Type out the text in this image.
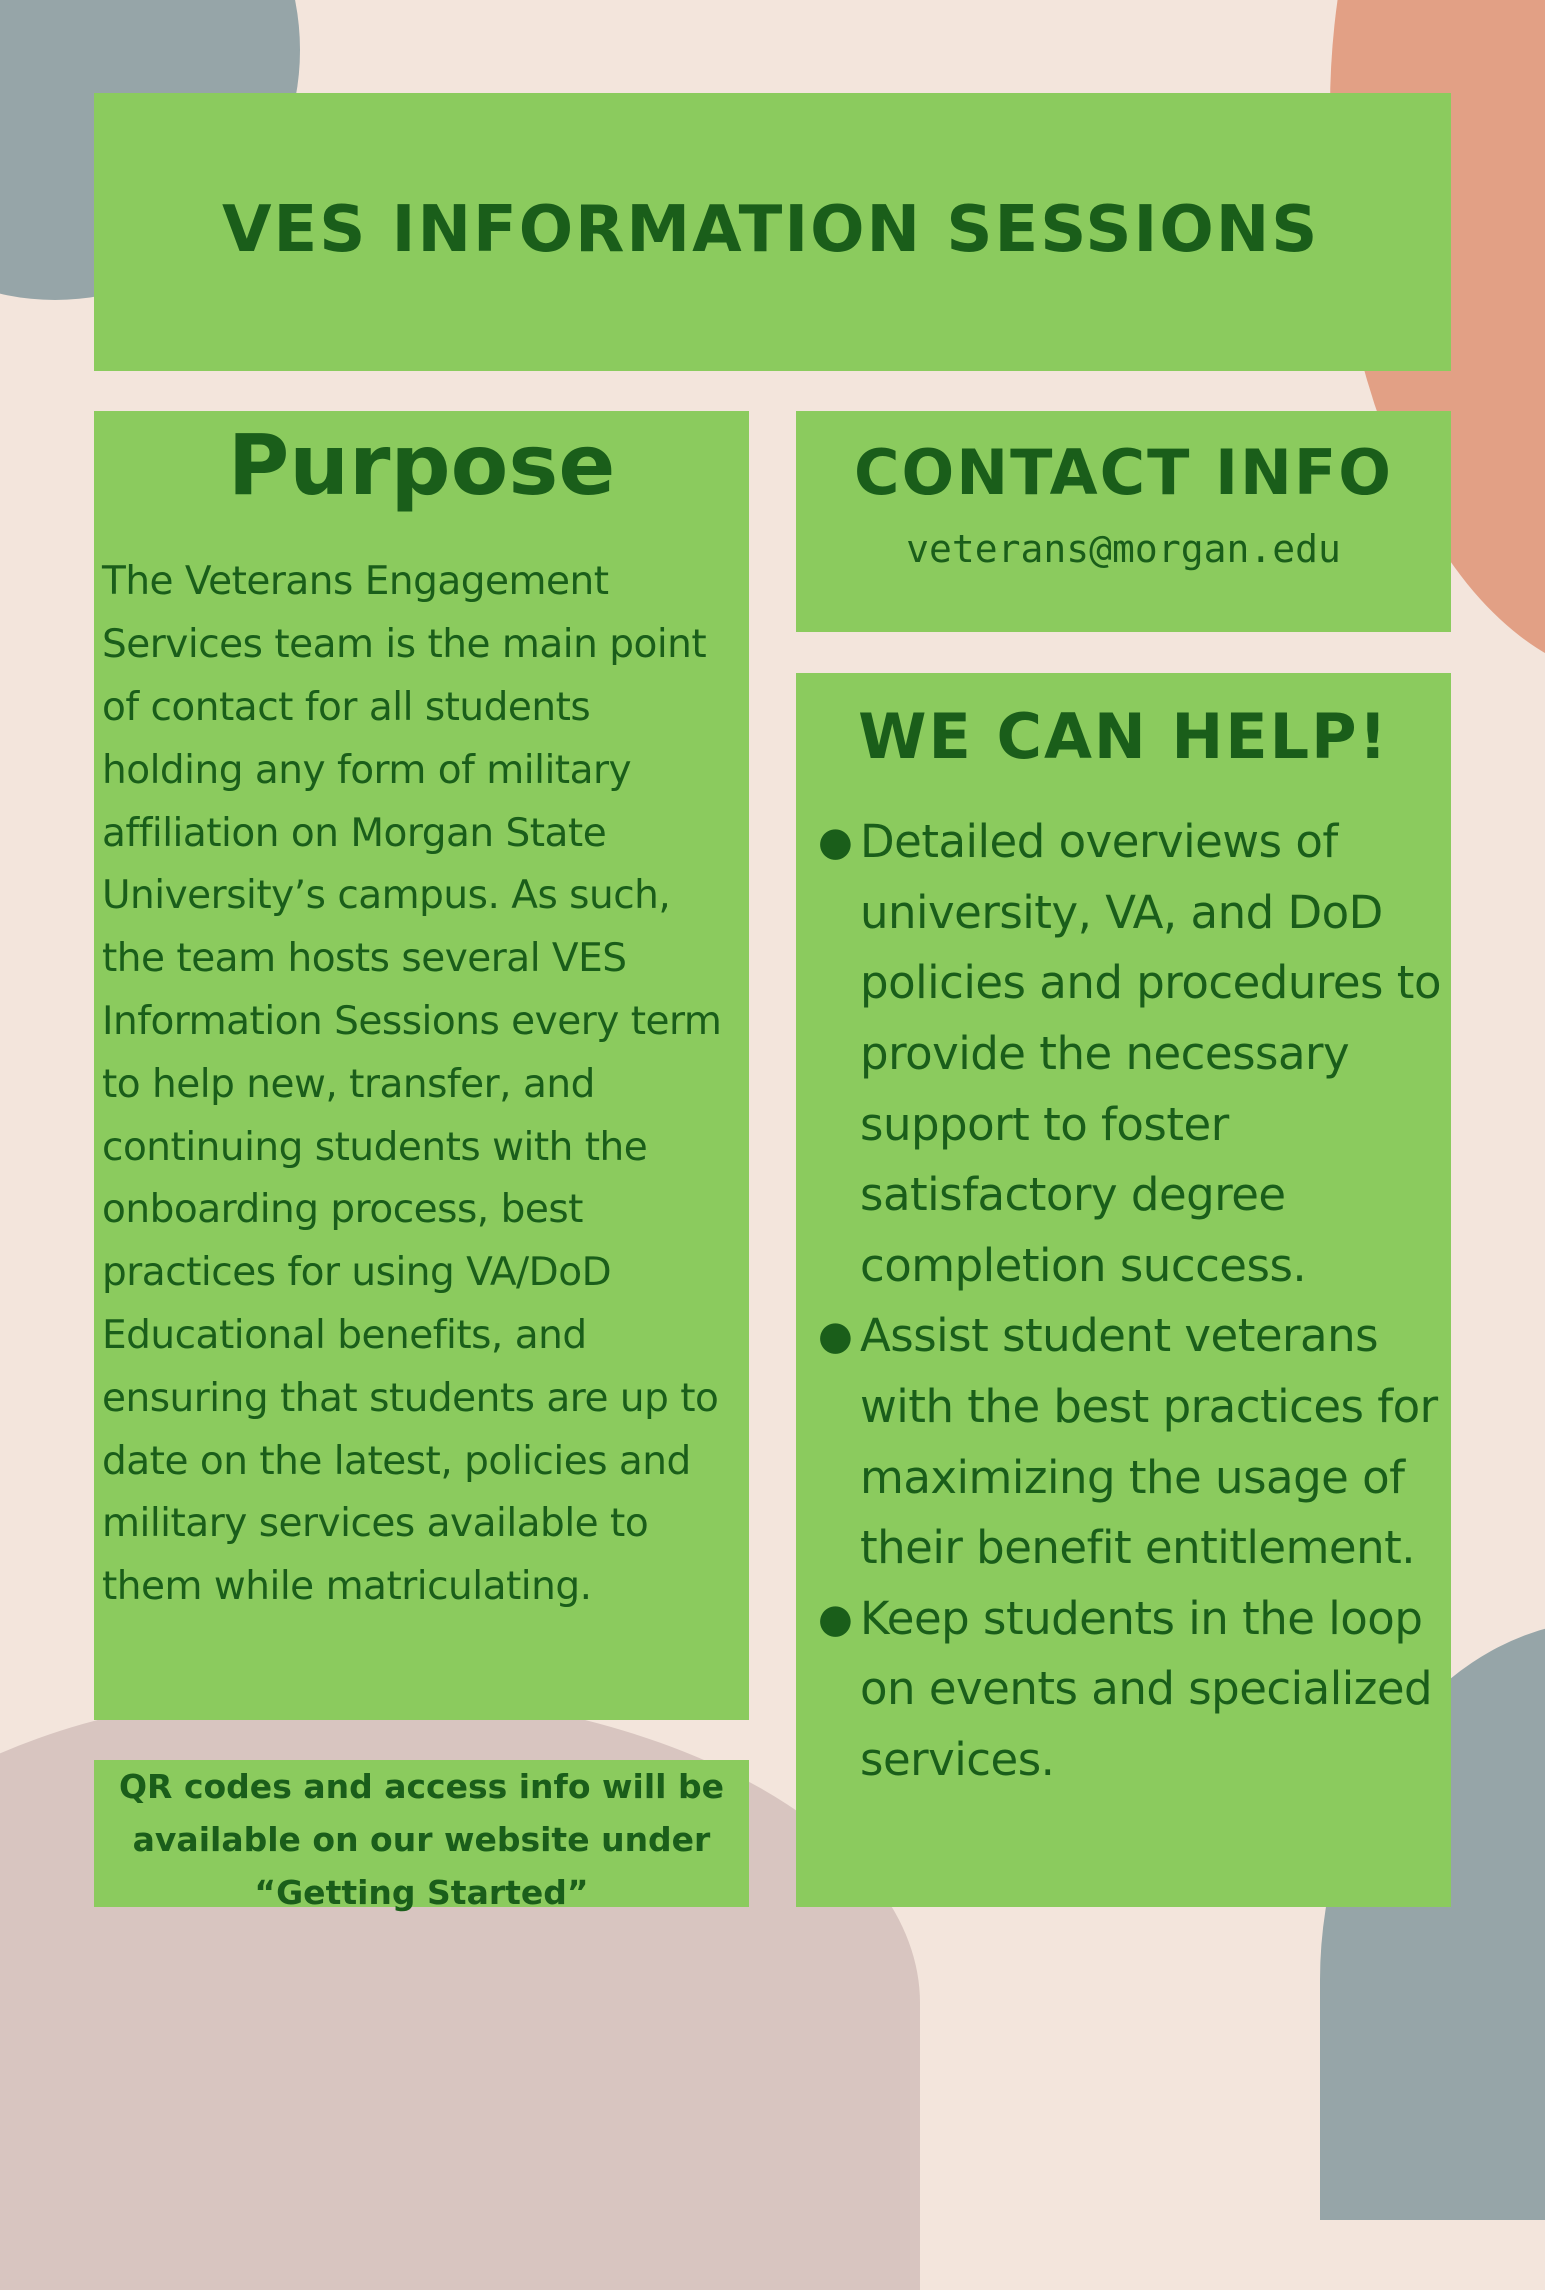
VES INFORMATION SESSIONS
Purpose
The Veterans Engagement Services team is the main point of contact for all students holding any form of military affiliation on Morgan State University’s campus. As such, the team hosts several VES Information Sessions every term to help new, transfer, and continuing students with the onboarding process, best practices for using VA/DoD Educational benefits, and ensuring that students are up to date on the latest, policies and military services available to them while matriculating.
CONTACT INFO
veterans@morgan.edu
WE CAN HELP!
● Detailed overviews of university, VA, and DoD policies and procedures to provide the necessary support to foster satisfactory degree completion success.
● Assist student veterans with the best practices for maximizing the usage of their benefit entitlement.
● Keep students in the loop on events and specialized services.
QR codes and access info will be available on our website under “Getting Started”
